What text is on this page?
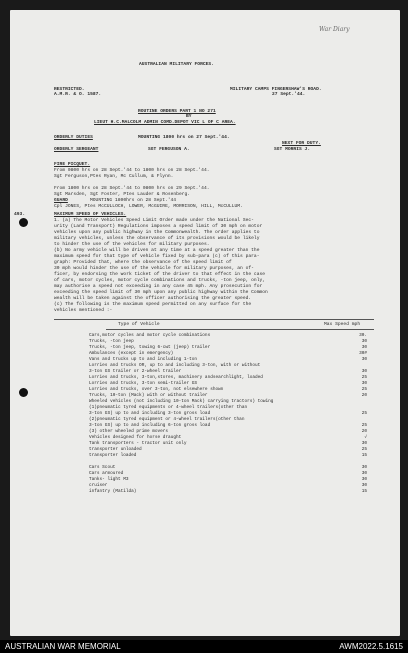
War Diary
AUSTRALIAN MILITARY FORCES.
RESTRICTED.
A.M.R. & O. 1587.
MILITARY CAMPS FINGERSHAW'S ROAD.
27 Sept.'44.
ROUTINE ORDERS PART 1 NO 271
BY
LIEUT H.C.MALCOLM ADMIN COMD.DEPOT VIC L OF C AREA.
ORDERLY DUTIES	MOUNTING 1800 hrs on 27 Sept.'44.
NEXT FOR DUTY.
ORDERLY SERGEANT	SGT FERGUSON A.	SGT MORRIS J.
FIRE PICQUET.
From 0800 hrs on 28 Sept.'44 to 1800 hrs on 28 Sept.'44.
Sgt Ferguson,Ptes Ryan, Mc Cullum, & Flynn.
From 1800 hrs on 28 Sept.'44 to 0800 hrs on 29 Sept.'44.
Sgt Marsden, Sgt Foster, Ptes Lauder & Rosenberg.
GUARD	MOUNTING 1800hrs on 28 Sept.'44
Cpl JONES, Ptes McCULLOCH, LOWER, McGUIRE, MORRISON, HILL, McCULLUM.
493.	MAXIMUM SPEED OF VEHICLES.
1. (a) The Motor Vehicles Speed Limit Order made under the National Sec-
urity (Land Transport) Regulations imposes a speed limit of 30 mph on motor
vehicles upon any public highway in the Commonwealth. The order applies to
military vehicles, unless the observance of its provisions would be likely
to hinder the use of the vehicles for military purposes.
(b) No army vehicle will be driven at any time at a speed greater than the
maximum speed for that type of vehicle fixed by sub-para (c) of this para-
graph: Provided that, where the observance of the speed limit of
30 mph would hinder the use of the vehicle for military purposes, an of-
ficer, by endorsing the work ticket of the driver to that effect in the case
of cars, motor cycles, motor cycle combinations and trucks, -ton jeep, only,
may authorise a speed not exceeding in any case 45 mph. Any prosecution for
exceeding the speed limit of 30 mph upon any public highway within the Common
wealth will be taken against the officer authorising the greater speed.
(c) The following is the maximum speed permitted on any surface for the
vehicles mentioned :-
Type of Vehicle	Max Speed mph
Cars,motor cycles and motor cycle combinations	30.
Trucks, -ton jeep	30
Trucks, -ton jeep, towing 6-cwt (jeep) trailer	30
Ambulances (except in emergency)	30#
Vans and trucks up to and including 1-ton	30
Lorries and trucks OR, up to and including 3-ton, with or without
3-ton GS trailer or 2-wheel trailer	30
Lorries and trucks, 3-ton,stores, machinery andsearchlight, loaded	25
Lorries and trucks, 3-ton semi-trailer GS	30
Lorries and trucks, over 3-ton, not elsewhere shown	25
Trucks, 10-ton (Mack) with or without trailer	20
Wheeled vehicles (not including 10-ton Mack) carrying tractors) towing
(1)pneumatic tyred equipments or 4-wheel trailers(other than
3-ton GS) up to and including 3-ton gross load	25
(2)pneumatic tyred equipment or 4-wheel trailers(other than
3-ton GS) up to and including 6-ton gross load	25
(3) other wheeled prime movers	20
Vehicles designed for horse draught	√
Tank transporters - tractor unit only	30
transporter unloaded	25
transporter loaded	15
Cars Scout	30
Cars armoured	30
Tanks- light M3	30
cruiser	30
infantry (Matilda)	15
AUSTRALIAN WAR MEMORIAL	AWM2022.5.1615
